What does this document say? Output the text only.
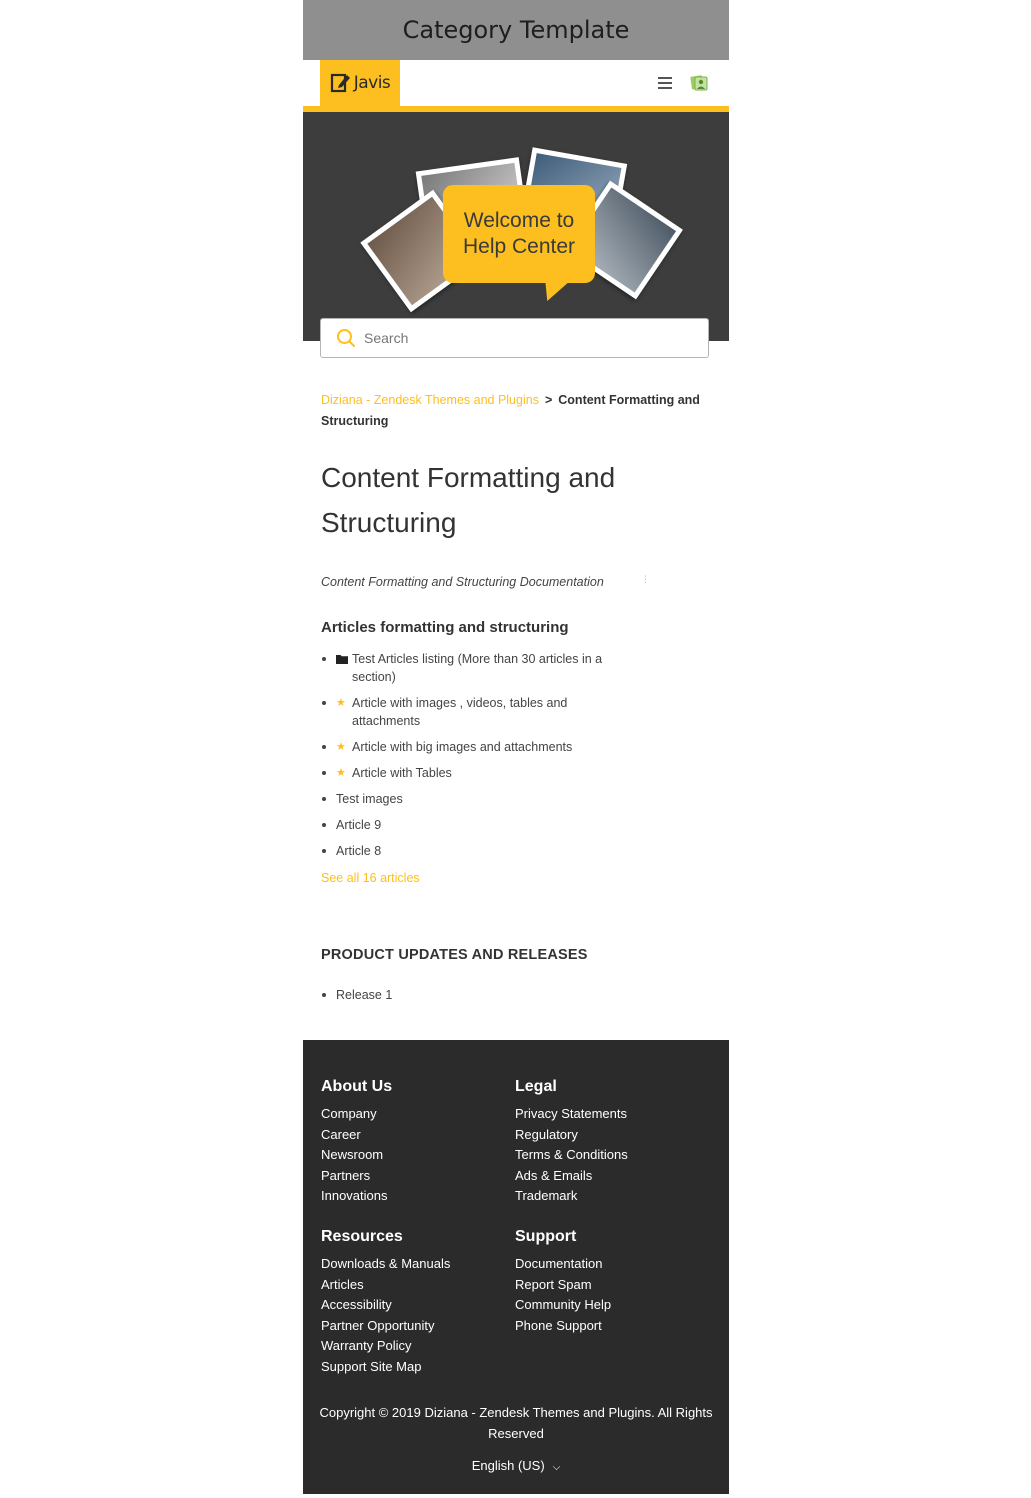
Category Template
Javis
Welcome to Help Center
Search
Diziana - Zendesk Themes and Plugins > Content Formatting and Structuring
Content Formatting and Structuring
Content Formatting and Structuring Documentation	⋮
Articles formatting and structuring
Test Articles listing (More than 30 articles in a section)
★ Article with images , videos, tables and attachments
★ Article with big images and attachments
★ Article with Tables
Test images
Article 9
Article 8
See all 16 articles
PRODUCT UPDATES AND RELEASES
Release 1
About Us
Company
Career
Newsroom
Partners
Innovations
Legal
Privacy Statements
Regulatory
Terms & Conditions
Ads & Emails
Trademark
Resources
Downloads & Manuals
Articles
Accessibility
Partner Opportunity
Warranty Policy
Support Site Map
Support
Documentation
Report Spam
Community Help
Phone Support
Copyright © 2019 Diziana - Zendesk Themes and Plugins. All Rights Reserved
English (US) ⌵
